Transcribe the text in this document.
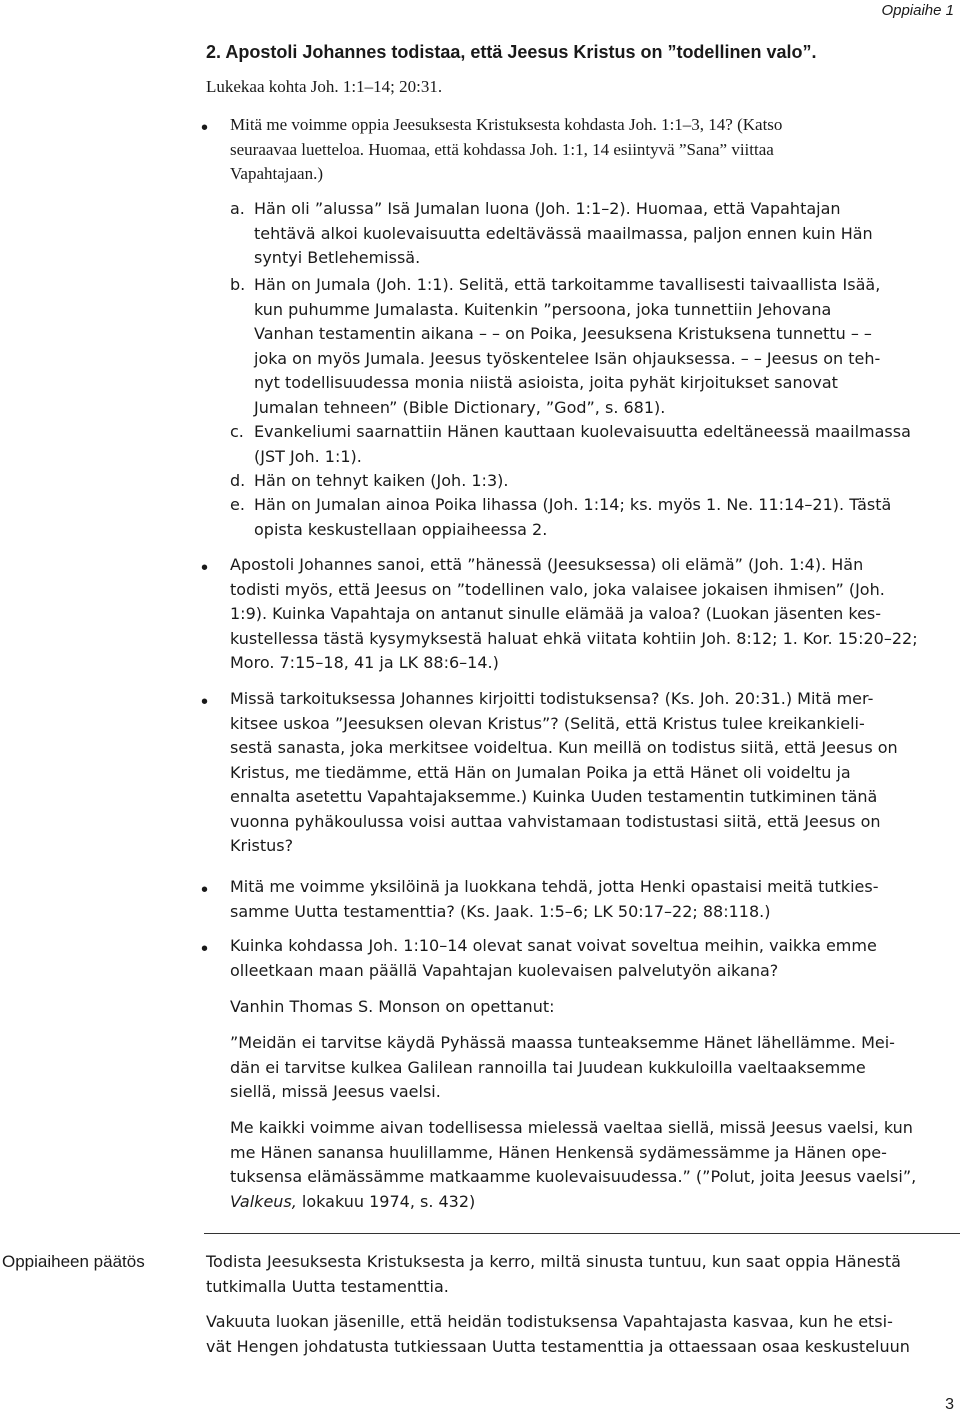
Oppiaihe 1
2. Apostoli Johannes todistaa, että Jeesus Kristus on ”todellinen valo”.
Lukekaa kohta Joh. 1:1–14; 20:31.
• Mitä me voimme oppia Jeesuksesta Kristuksesta kohdasta Joh. 1:1–3, 14? (Katso
seuraavaa luetteloa. Huomaa, että kohdassa Joh. 1:1, 14 esiintyvä ”Sana” viittaa
Vapahtajaan.)
a. Hän oli ”alussa” Isä Jumalan luona (Joh. 1:1–2). Huomaa, että Vapahtajan
tehtävä alkoi kuolevaisuutta edeltävässä maailmassa, paljon ennen kuin Hän
syntyi Betlehemissä.
b. Hän on Jumala (Joh. 1:1). Selitä, että tarkoitamme tavallisesti taivaallista Isää,
kun puhumme Jumalasta. Kuitenkin ”persoona, joka tunnettiin Jehovana
Vanhan testamentin aikana – – on Poika, Jeesuksena Kristuksena tunnettu – –
joka on myös Jumala. Jeesus työskentelee Isän ohjauksessa. – – Jeesus on teh-
nyt todellisuudessa monia niistä asioista, joita pyhät kirjoitukset sanovat
Jumalan tehneen” (Bible Dictionary, ”God”, s. 681).
c. Evankeliumi saarnattiin Hänen kauttaan kuolevaisuutta edeltäneessä maailmassa
(JST Joh. 1:1).
d. Hän on tehnyt kaiken (Joh. 1:3).
e. Hän on Jumalan ainoa Poika lihassa (Joh. 1:14; ks. myös 1. Ne. 11:14–21). Tästä
opista keskustellaan oppiaiheessa 2.
• Apostoli Johannes sanoi, että ”hänessä (Jeesuksessa) oli elämä” (Joh. 1:4). Hän
todisti myös, että Jeesus on ”todellinen valo, joka valaisee jokaisen ihmisen” (Joh.
1:9). Kuinka Vapahtaja on antanut sinulle elämää ja valoa? (Luokan jäsenten kes-
kustellessa tästä kysymyksestä haluat ehkä viitata kohtiin Joh. 8:12; 1. Kor. 15:20–22;
Moro. 7:15–18, 41 ja LK 88:6–14.)
• Missä tarkoituksessa Johannes kirjoitti todistuksensa? (Ks. Joh. 20:31.) Mitä mer-
kitsee uskoa ”Jeesuksen olevan Kristus”? (Selitä, että Kristus tulee kreikankieli-
sestä sanasta, joka merkitsee voideltua. Kun meillä on todistus siitä, että Jeesus on
Kristus, me tiedämme, että Hän on Jumalan Poika ja että Hänet oli voideltu ja
ennalta asetettu Vapahtajaksemme.) Kuinka Uuden testamentin tutkiminen tänä
vuonna pyhäkoulussa voisi auttaa vahvistamaan todistustasi siitä, että Jeesus on
Kristus?
• Mitä me voimme yksilöinä ja luokkana tehdä, jotta Henki opastaisi meitä tutkies-
samme Uutta testamenttia? (Ks. Jaak. 1:5–6; LK 50:17–22; 88:118.)
• Kuinka kohdassa Joh. 1:10–14 olevat sanat voivat soveltua meihin, vaikka emme
olleetkaan maan päällä Vapahtajan kuolevaisen palvelutyön aikana?
Vanhin Thomas S. Monson on opettanut:
”Meidän ei tarvitse käydä Pyhässä maassa tunteaksemme Hänet lähellämme. Mei-
dän ei tarvitse kulkea Galilean rannoilla tai Juudean kukkuloilla vaeltaaksemme
siellä, missä Jeesus vaelsi.
Me kaikki voimme aivan todellisessa mielessä vaeltaa siellä, missä Jeesus vaelsi, kun
me Hänen sanansa huulillamme, Hänen Henkensä sydämessämme ja Hänen ope-
tuksensa elämässämme matkaamme kuolevaisuudessa.” (”Polut, joita Jeesus vaelsi”,
Valkeus, lokakuu 1974, s. 432)
Oppiaiheen päätös	Todista Jeesuksesta Kristuksesta ja kerro, miltä sinusta tuntuu, kun saat oppia Hänestä
tutkimalla Uutta testamenttia.
Vakuuta luokan jäsenille, että heidän todistuksensa Vapahtajasta kasvaa, kun he etsi-
vät Hengen johdatusta tutkiessaan Uutta testamenttia ja ottaessaan osaa keskusteluun
3
